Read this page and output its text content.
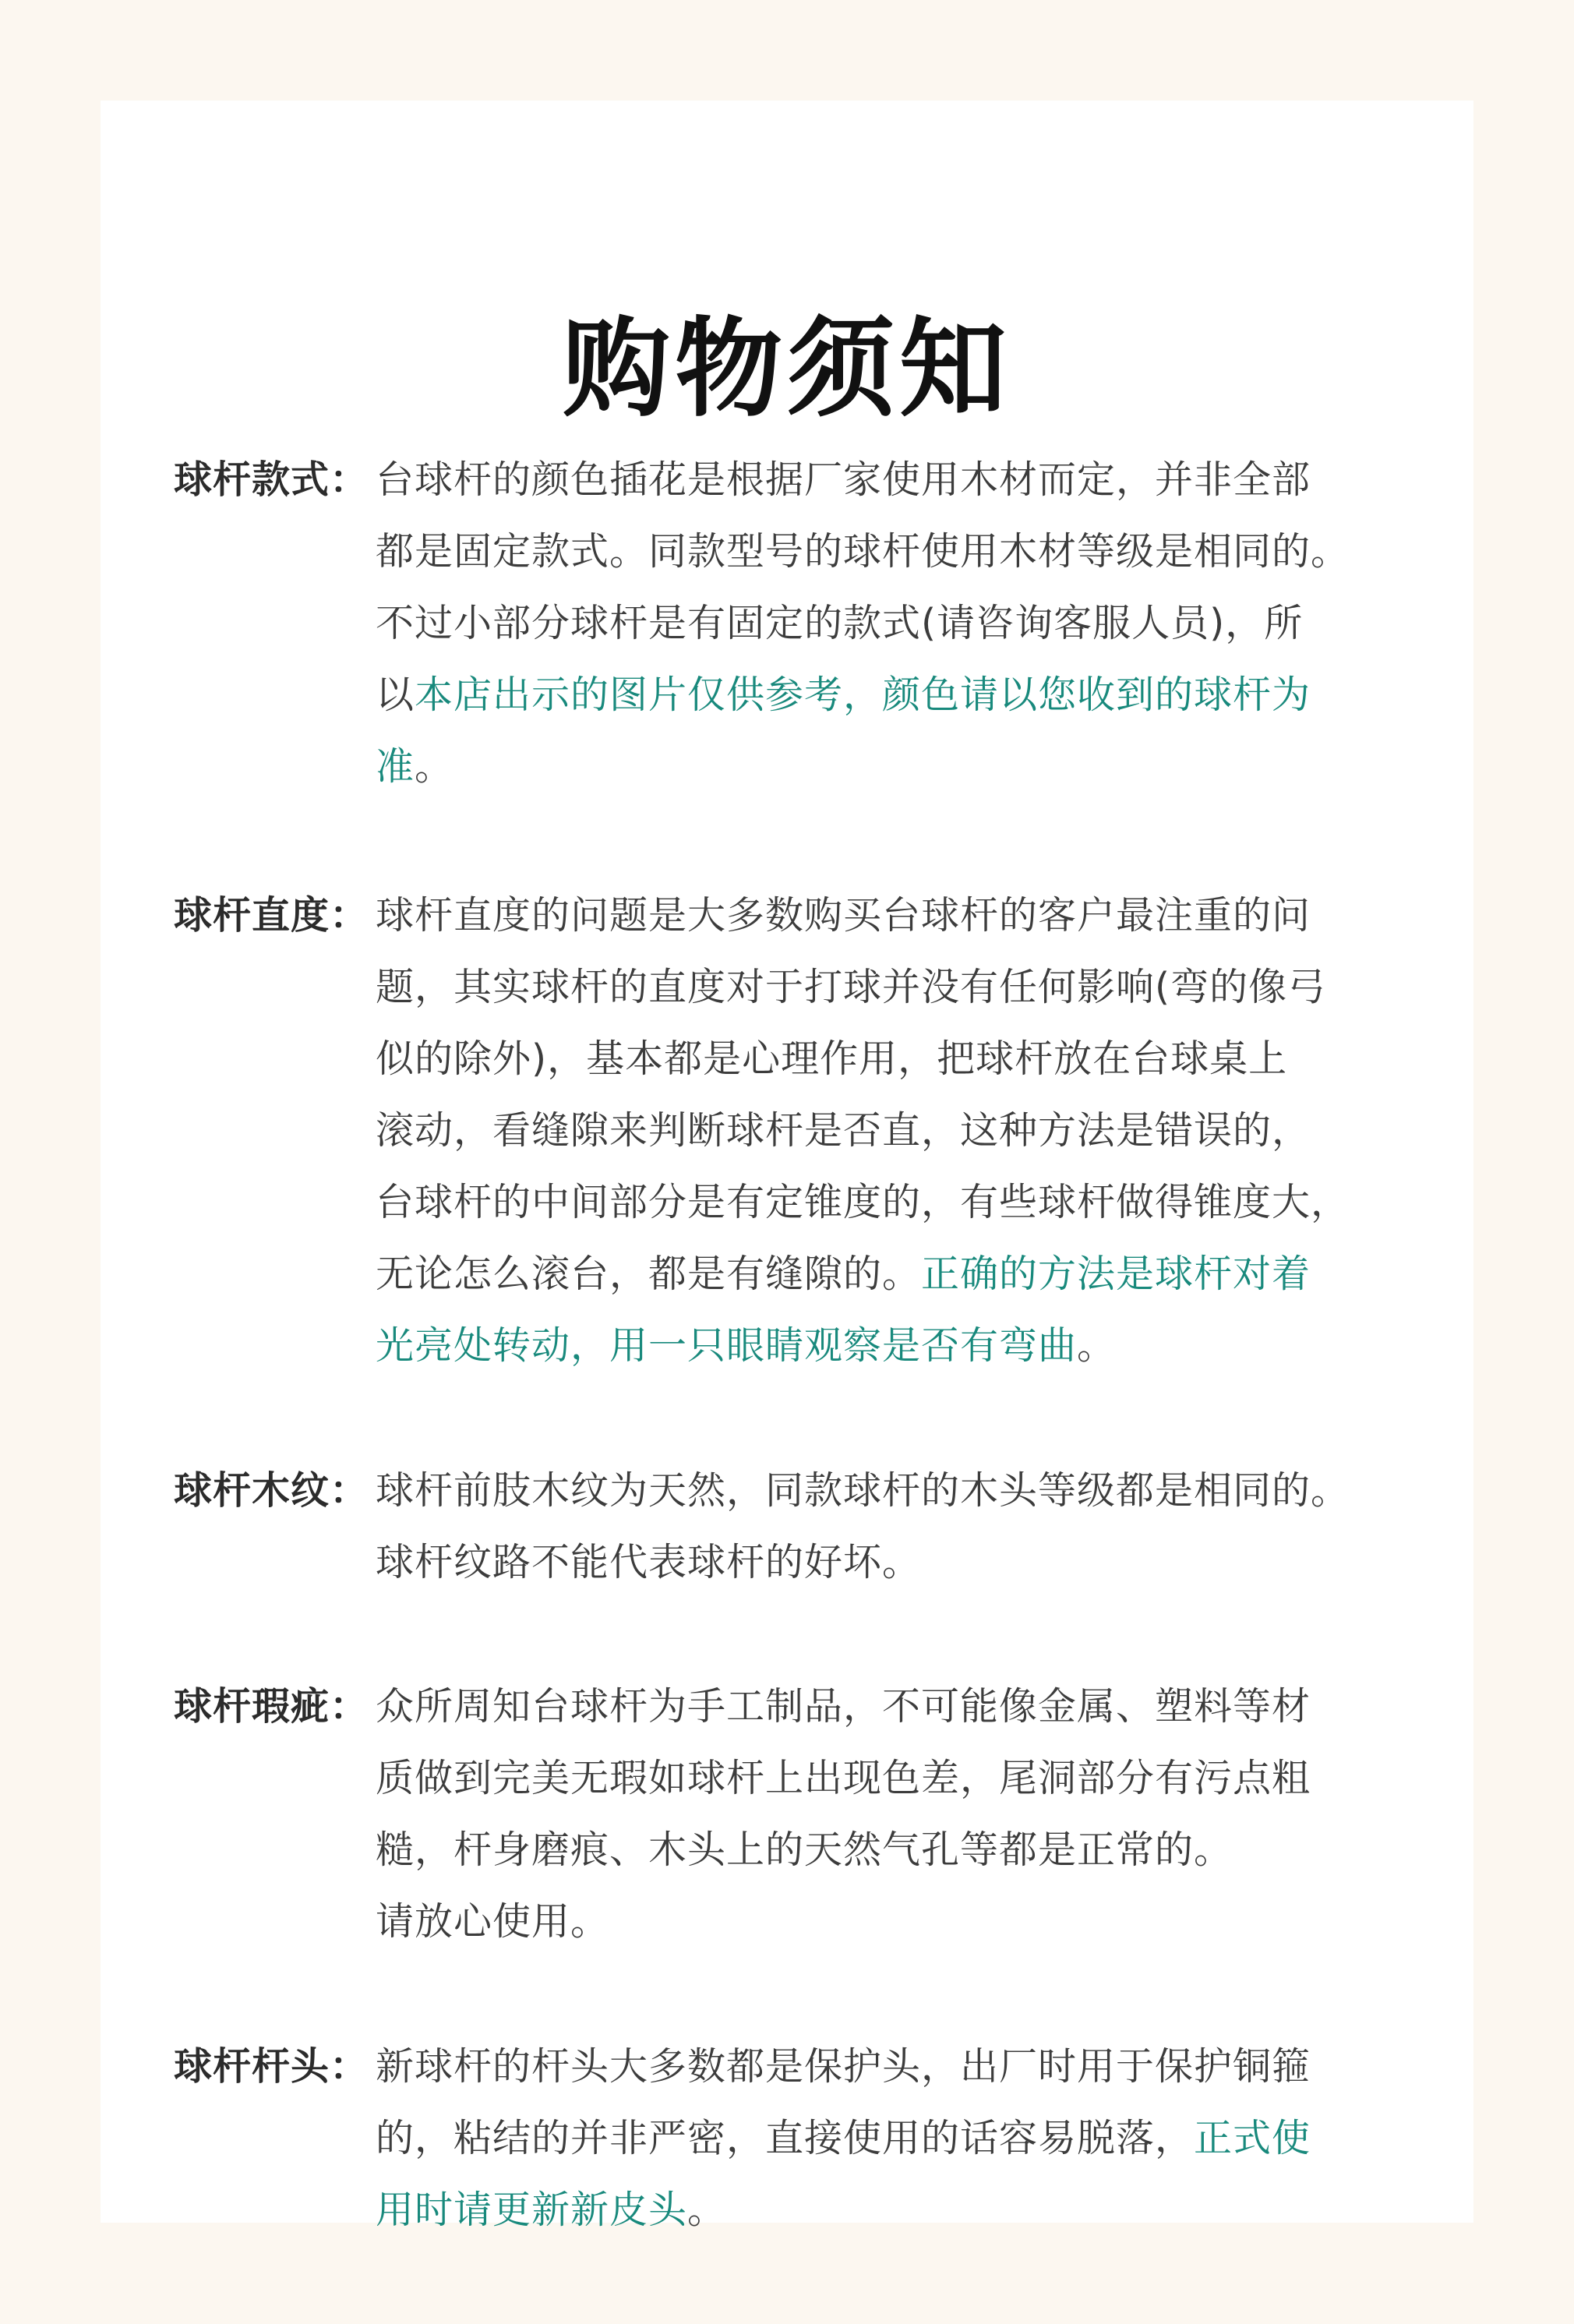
购物须知
球杆款式： 台球杆的颜色插花是根据厂家使用木材而定，并非全部
都是固定款式。同款型号的球杆使用木材等级是相同的。
不过小部分球杆是有固定的款式(请咨询客服人员)，所
以本店出示的图片仅供参考，颜色请以您收到的球杆为
准。
球杆直度： 球杆直度的问题是大多数购买台球杆的客户最注重的问
题，其实球杆的直度对于打球并没有任何影响(弯的像弓
似的除外)，基本都是心理作用，把球杆放在台球桌上
滚动，看缝隙来判断球杆是否直，这种方法是错误的，
台球杆的中间部分是有定锥度的，有些球杆做得锥度大，
无论怎么滚台，都是有缝隙的。正确的方法是球杆对着
光亮处转动，用一只眼睛观察是否有弯曲。
球杆木纹： 球杆前肢木纹为天然，同款球杆的木头等级都是相同的。
球杆纹路不能代表球杆的好坏。
球杆瑕疵： 众所周知台球杆为手工制品，不可能像金属、塑料等材
质做到完美无瑕如球杆上出现色差，尾洞部分有污点粗
糙，杆身磨痕、木头上的天然气孔等都是正常的。
请放心使用。
球杆杆头： 新球杆的杆头大多数都是保护头，出厂时用于保护铜箍
的，粘结的并非严密，直接使用的话容易脱落，正式使
用时请更新新皮头。
